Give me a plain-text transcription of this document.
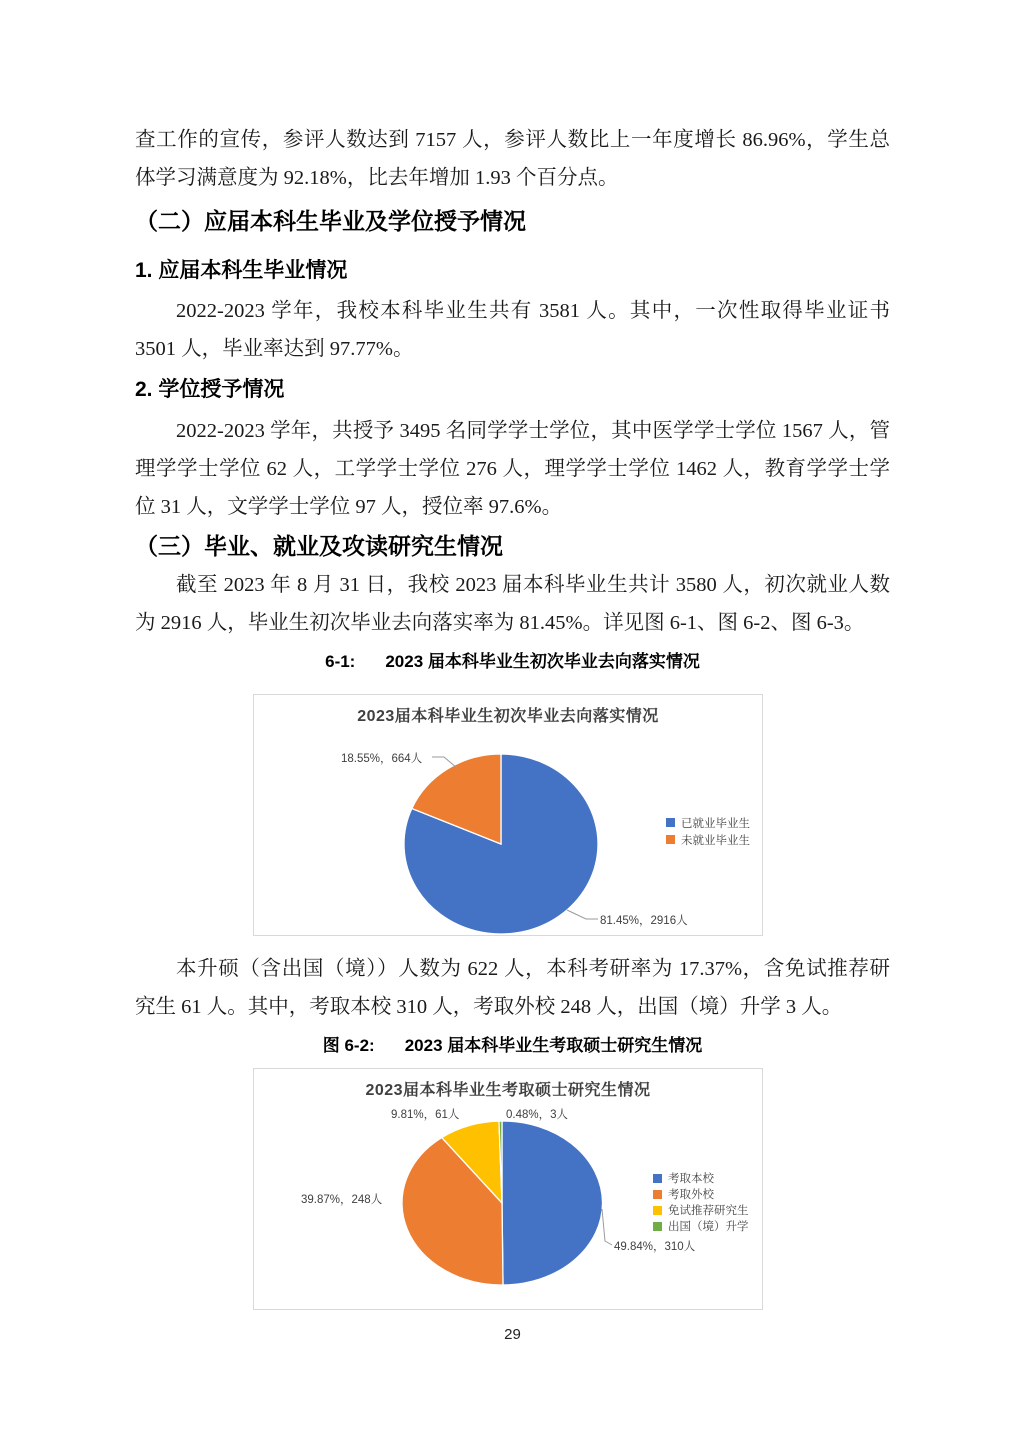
查工作的宣传，参评人数达到 7157 人，参评人数比上一年度增长 86.96%，学生总体学习满意度为 92.18%，比去年增加 1.93 个百分点。

（二）应届本科生毕业及学位授予情况
1. 应届本科生毕业情况

2022-2023 学年，我校本科毕业生共有 3581 人。其中，一次性取得毕业证书 3501 人，毕业率达到 97.77%。

2. 学位授予情况

2022-2023 学年，共授予 3495 名同学学士学位，其中医学学士学位 1567 人，管理学学士学位 62 人，工学学士学位 276 人，理学学士学位 1462 人，教育学学士学位 31 人，文学学士学位 97 人，授位率 97.6%。

（三）毕业、就业及攻读研究生情况

截至 2023 年 8 月 31 日，我校 2023 届本科毕业生共计 3580 人，初次就业人数为 2916 人，毕业生初次毕业去向落实率为 81.45%。详见图 6-1、图 6-2、图 6-3。

6-1: 2023 届本科毕业生初次毕业去向落实情况
2023届本科毕业生初次毕业去向落实情况
18.55%，664人
81.45%，2916人
已就业毕业生
未就业毕业生

本升硕（含出国（境））人数为 622 人，本科考研率为 17.37%，含免试推荐研究生 61 人。其中，考取本校 310 人，考取外校 248 人，出国（境）升学 3 人。

图 6-2: 2023 届本科毕业生考取硕士研究生情况
2023届本科毕业生考取硕士研究生情况
9.81%，61人	0.48%，3人
39.87%，248人
49.84%，310人
考取本校
考取外校
免试推荐研究生
出国（境）升学
29
